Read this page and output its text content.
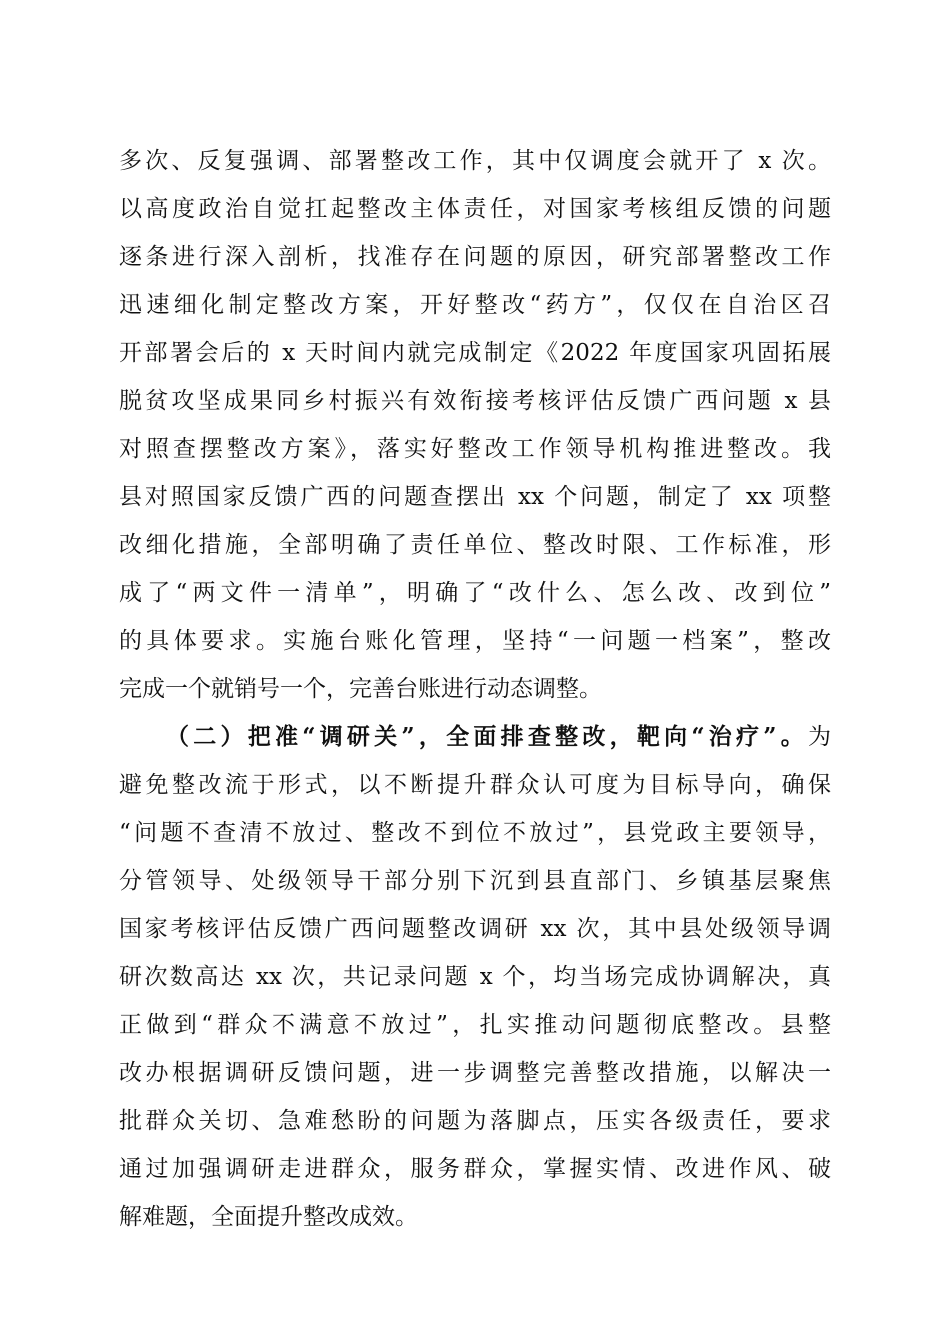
多次、反复强调、部署整改工作，其中仅调度会就开了 x 次。
以高度政治自觉扛起整改主体责任，对国家考核组反馈的问题
逐条进行深入剖析，找准存在问题的原因，研究部署整改工作
迅速细化制定整改方案，开好整改“药方”，仅仅在自治区召
开部署会后的 x 天时间内就完成制定《2022 年度国家巩固拓展
脱贫攻坚成果同乡村振兴有效衔接考核评估反馈广西问题 x 县
对照查摆整改方案》，落实好整改工作领导机构推进整改。我
县对照国家反馈广西的问题查摆出 xx 个问题，制定了 xx 项整
改细化措施，全部明确了责任单位、整改时限、工作标准，形
成了“两文件一清单”，明确了“改什么、怎么改、改到位”
的具体要求。实施台账化管理，坚持“一问题一档案”，整改
完成一个就销号一个，完善台账进行动态调整。
（二）把准“调研关”，全面排查整改，靶向“治疗”。为
避免整改流于形式，以不断提升群众认可度为目标导向，确保
“问题不查清不放过、整改不到位不放过”，县党政主要领导，
分管领导、处级领导干部分别下沉到县直部门、乡镇基层聚焦
国家考核评估反馈广西问题整改调研 xx 次，其中县处级领导调
研次数高达 xx 次，共记录问题 x 个，均当场完成协调解决，真
正做到“群众不满意不放过”，扎实推动问题彻底整改。县整
改办根据调研反馈问题，进一步调整完善整改措施，以解决一
批群众关切、急难愁盼的问题为落脚点，压实各级责任，要求
通过加强调研走进群众，服务群众，掌握实情、改进作风、破
解难题，全面提升整改成效。
